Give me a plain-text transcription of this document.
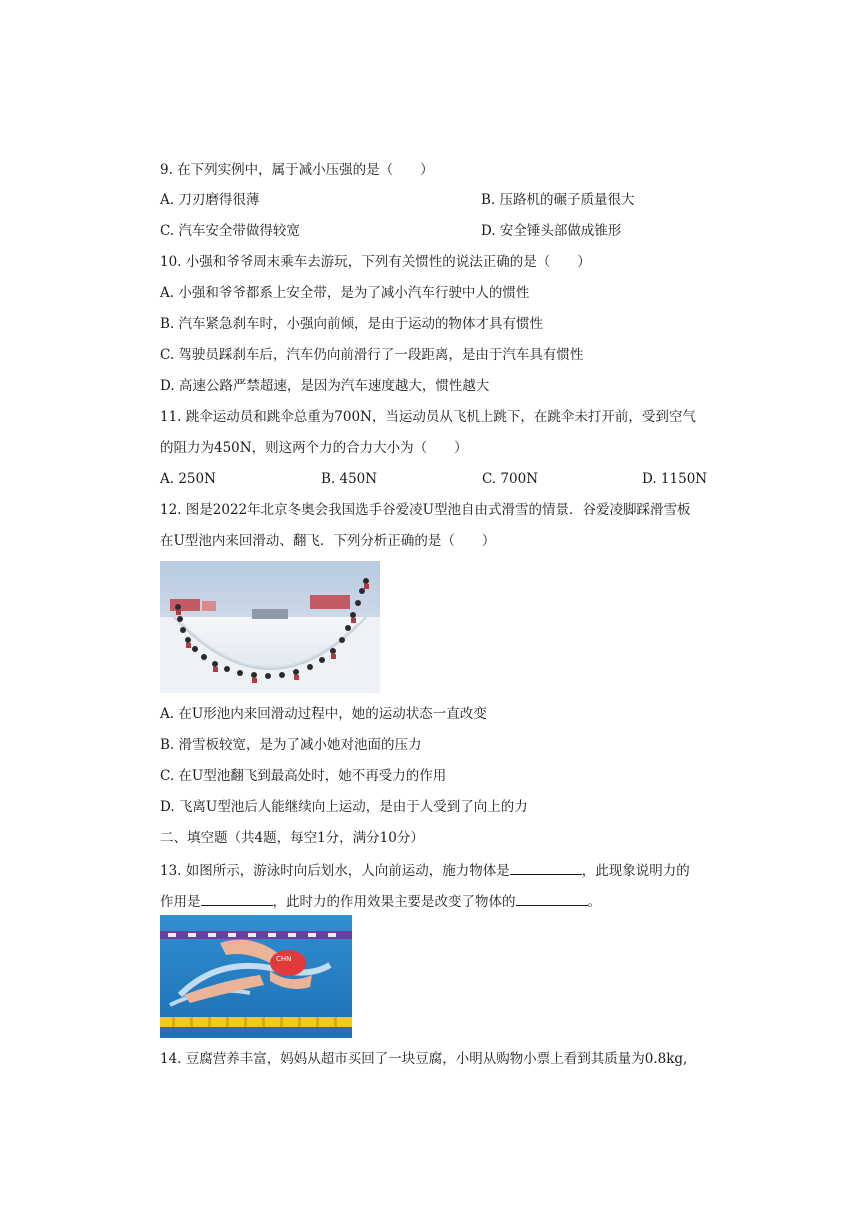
9. 在下列实例中，属于减小压强的是（　　）
A. 刀刃磨得很薄	B. 压路机的碾子质量很大
C. 汽车安全带做得较宽	D. 安全锤头部做成锥形
10. 小强和爷爷周末乘车去游玩，下列有关惯性的说法正确的是（　　）
A. 小强和爷爷都系上安全带，是为了减小汽车行驶中人的惯性
B. 汽车紧急刹车时，小强向前倾，是由于运动的物体才具有惯性
C. 驾驶员踩刹车后，汽车仍向前滑行了一段距离，是由于汽车具有惯性
D. 高速公路严禁超速，是因为汽车速度越大，惯性越大
11. 跳伞运动员和跳伞总重为700N，当运动员从飞机上跳下，在跳伞未打开前，受到空气
的阻力为450N，则这两个力的合力大小为（　　）
A. 250N	B. 450N	C. 700N	D. 1150N
12. 图是2022年北京冬奥会我国选手谷爱凌U型池自由式滑雪的情景．谷爱凌脚踩滑雪板
在U型池内来回滑动、翻飞．下列分析正确的是（　　）
A. 在U形池内来回滑动过程中，她的运动状态一直改变
B. 滑雪板较宽，是为了减小她对池面的压力
C. 在U型池翻飞到最高处时，她不再受力的作用
D. 飞离U型池后人能继续向上运动，是由于人受到了向上的力
二、填空题（共4题，每空1分，满分10分）
13. 如图所示，游泳时向后划水，人向前运动，施力物体是	，此现象说明力的
作用是	，此时力的作用效果主要是改变了物体的	。
CHN
14. 豆腐营养丰富，妈妈从超市买回了一块豆腐，小明从购物小票上看到其质量为0.8kg,
